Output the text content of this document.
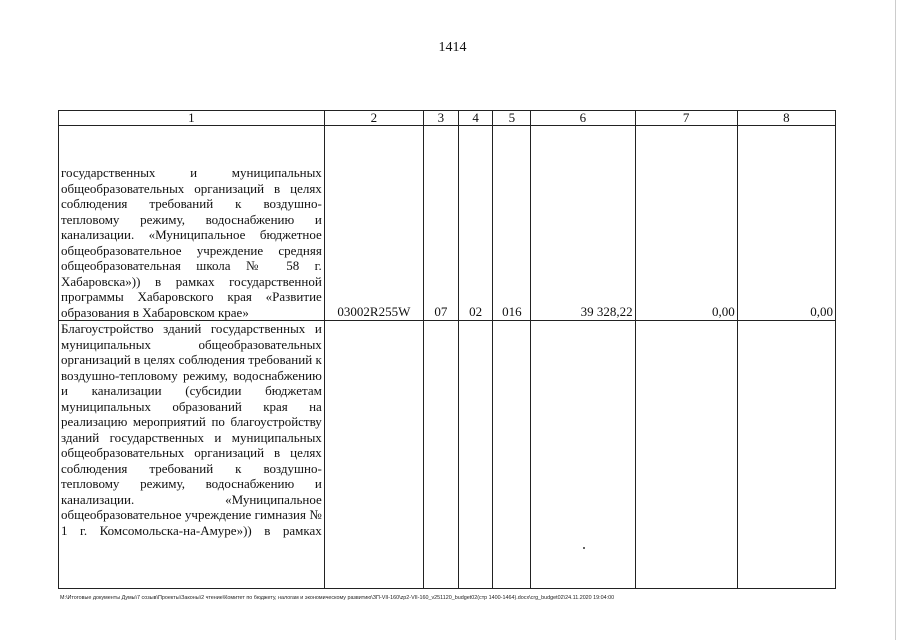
1414
1	2	3	4	5	6	7	8
государственных и муниципальных общеобразовательных организаций в целях соблюдения требований к воздушно-тепловому режиму, водоснабжению и канализации. «Муниципальное бюджетное общеобразовательное учреждение средняя общеобразовательная школа № 58 г. Хабаровска»)) в рамках государственной программы Хабаровского края «Развитие образования в Хабаровском крае»	03002R255W	07	02	016	39 328,22	0,00	0,00
Благоустройство зданий государственных и муниципальных общеобразовательных организаций в целях соблюдения требований к воздушно-тепловому режиму, водоснабжению и канализации (субсидии бюджетам муниципальных образований края на реализацию мероприятий по благоустройству зданий государственных и муниципальных общеобразовательных организаций в целях соблюдения требований к воздушно-тепловому режиму, водоснабжению и канализации. «Муниципальное общеобразовательное учреждение гимназия № 1 г. Комсомольска-на-Амуре»)) в рамках							
M:\Итоговые документы Думы\7 созыв\Проекты\Законы\2 чтение\Комитет по бюджету, налогам и экономическому развитию\ЗП-VII-160\zp2-VII-160_v251120_budget02(стр 1400-1464).docx\crg_budget02\24.11.2020 19:04:00
